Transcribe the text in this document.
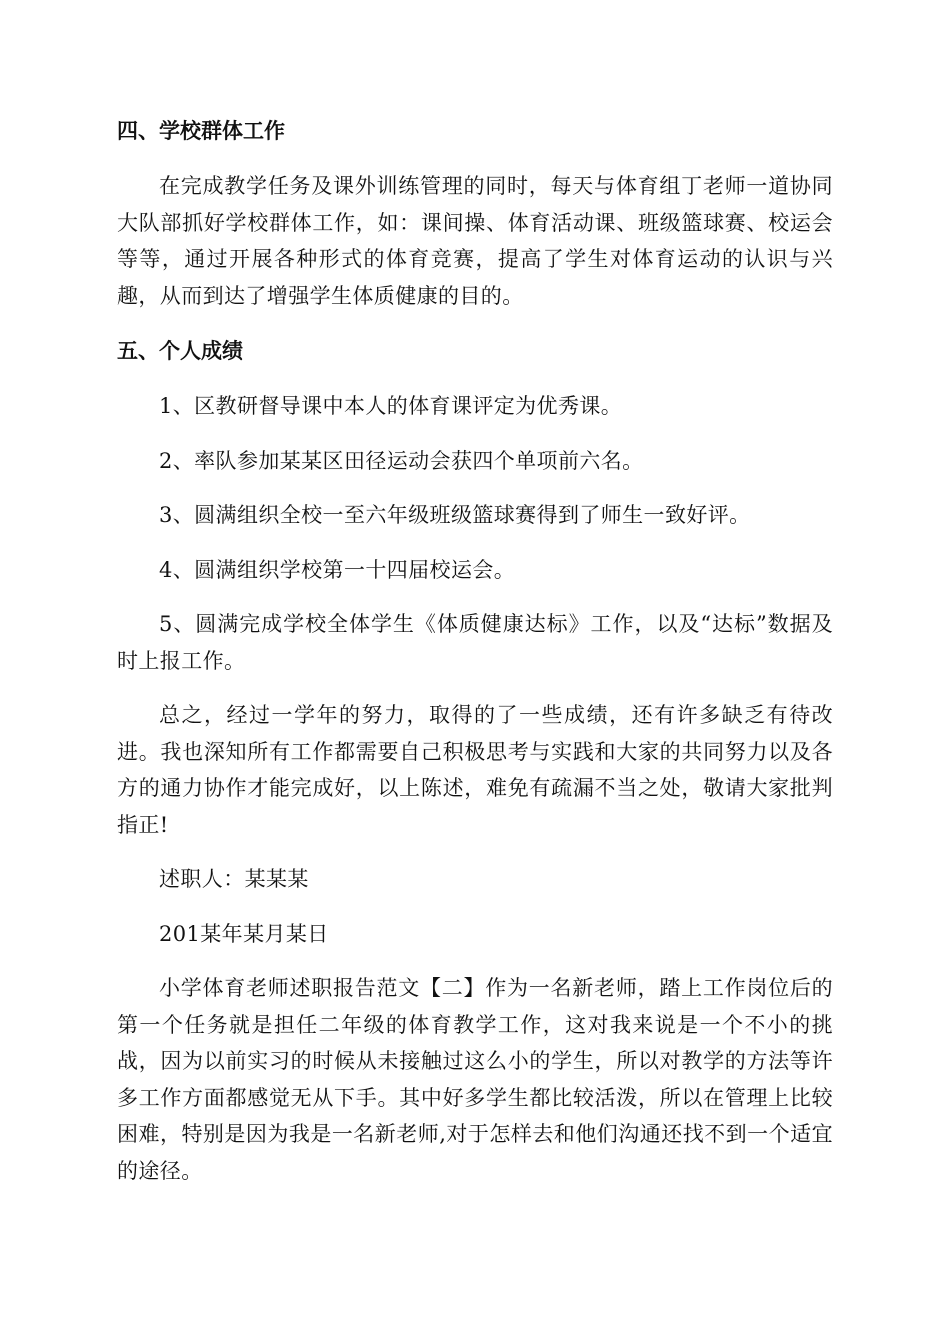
四、学校群体工作

在完成教学任务及课外训练管理的同时，每天与体育组丁老师一道协同大队部抓好学校群体工作，如：课间操、体育活动课、班级篮球赛、校运会等等，通过开展各种形式的体育竞赛，提高了学生对体育运动的认识与兴趣，从而到达了增强学生体质健康的目的。

五、个人成绩

1、区教研督导课中本人的体育课评定为优秀课。

2、率队参加某某区田径运动会获四个单项前六名。

3、圆满组织全校一至六年级班级篮球赛得到了师生一致好评。

4、圆满组织学校第一十四届校运会。

5、圆满完成学校全体学生《体质健康达标》工作，以及“达标”数据及时上报工作。

总之，经过一学年的努力，取得的了一些成绩，还有许多缺乏有待改进。我也深知所有工作都需要自己积极思考与实践和大家的共同努力以及各方的通力协作才能完成好，以上陈述，难免有疏漏不当之处，敬请大家批判指正!

述职人：某某某

201某年某月某日

小学体育老师述职报告范文【二】作为一名新老师，踏上工作岗位后的第一个任务就是担任二年级的体育教学工作，这对我来说是一个不小的挑战，因为以前实习的时候从未接触过这么小的学生，所以对教学的方法等许多工作方面都感觉无从下手。其中好多学生都比较活泼，所以在管理上比较困难，特别是因为我是一名新老师,对于怎样去和他们沟通还找不到一个适宜的途径。
